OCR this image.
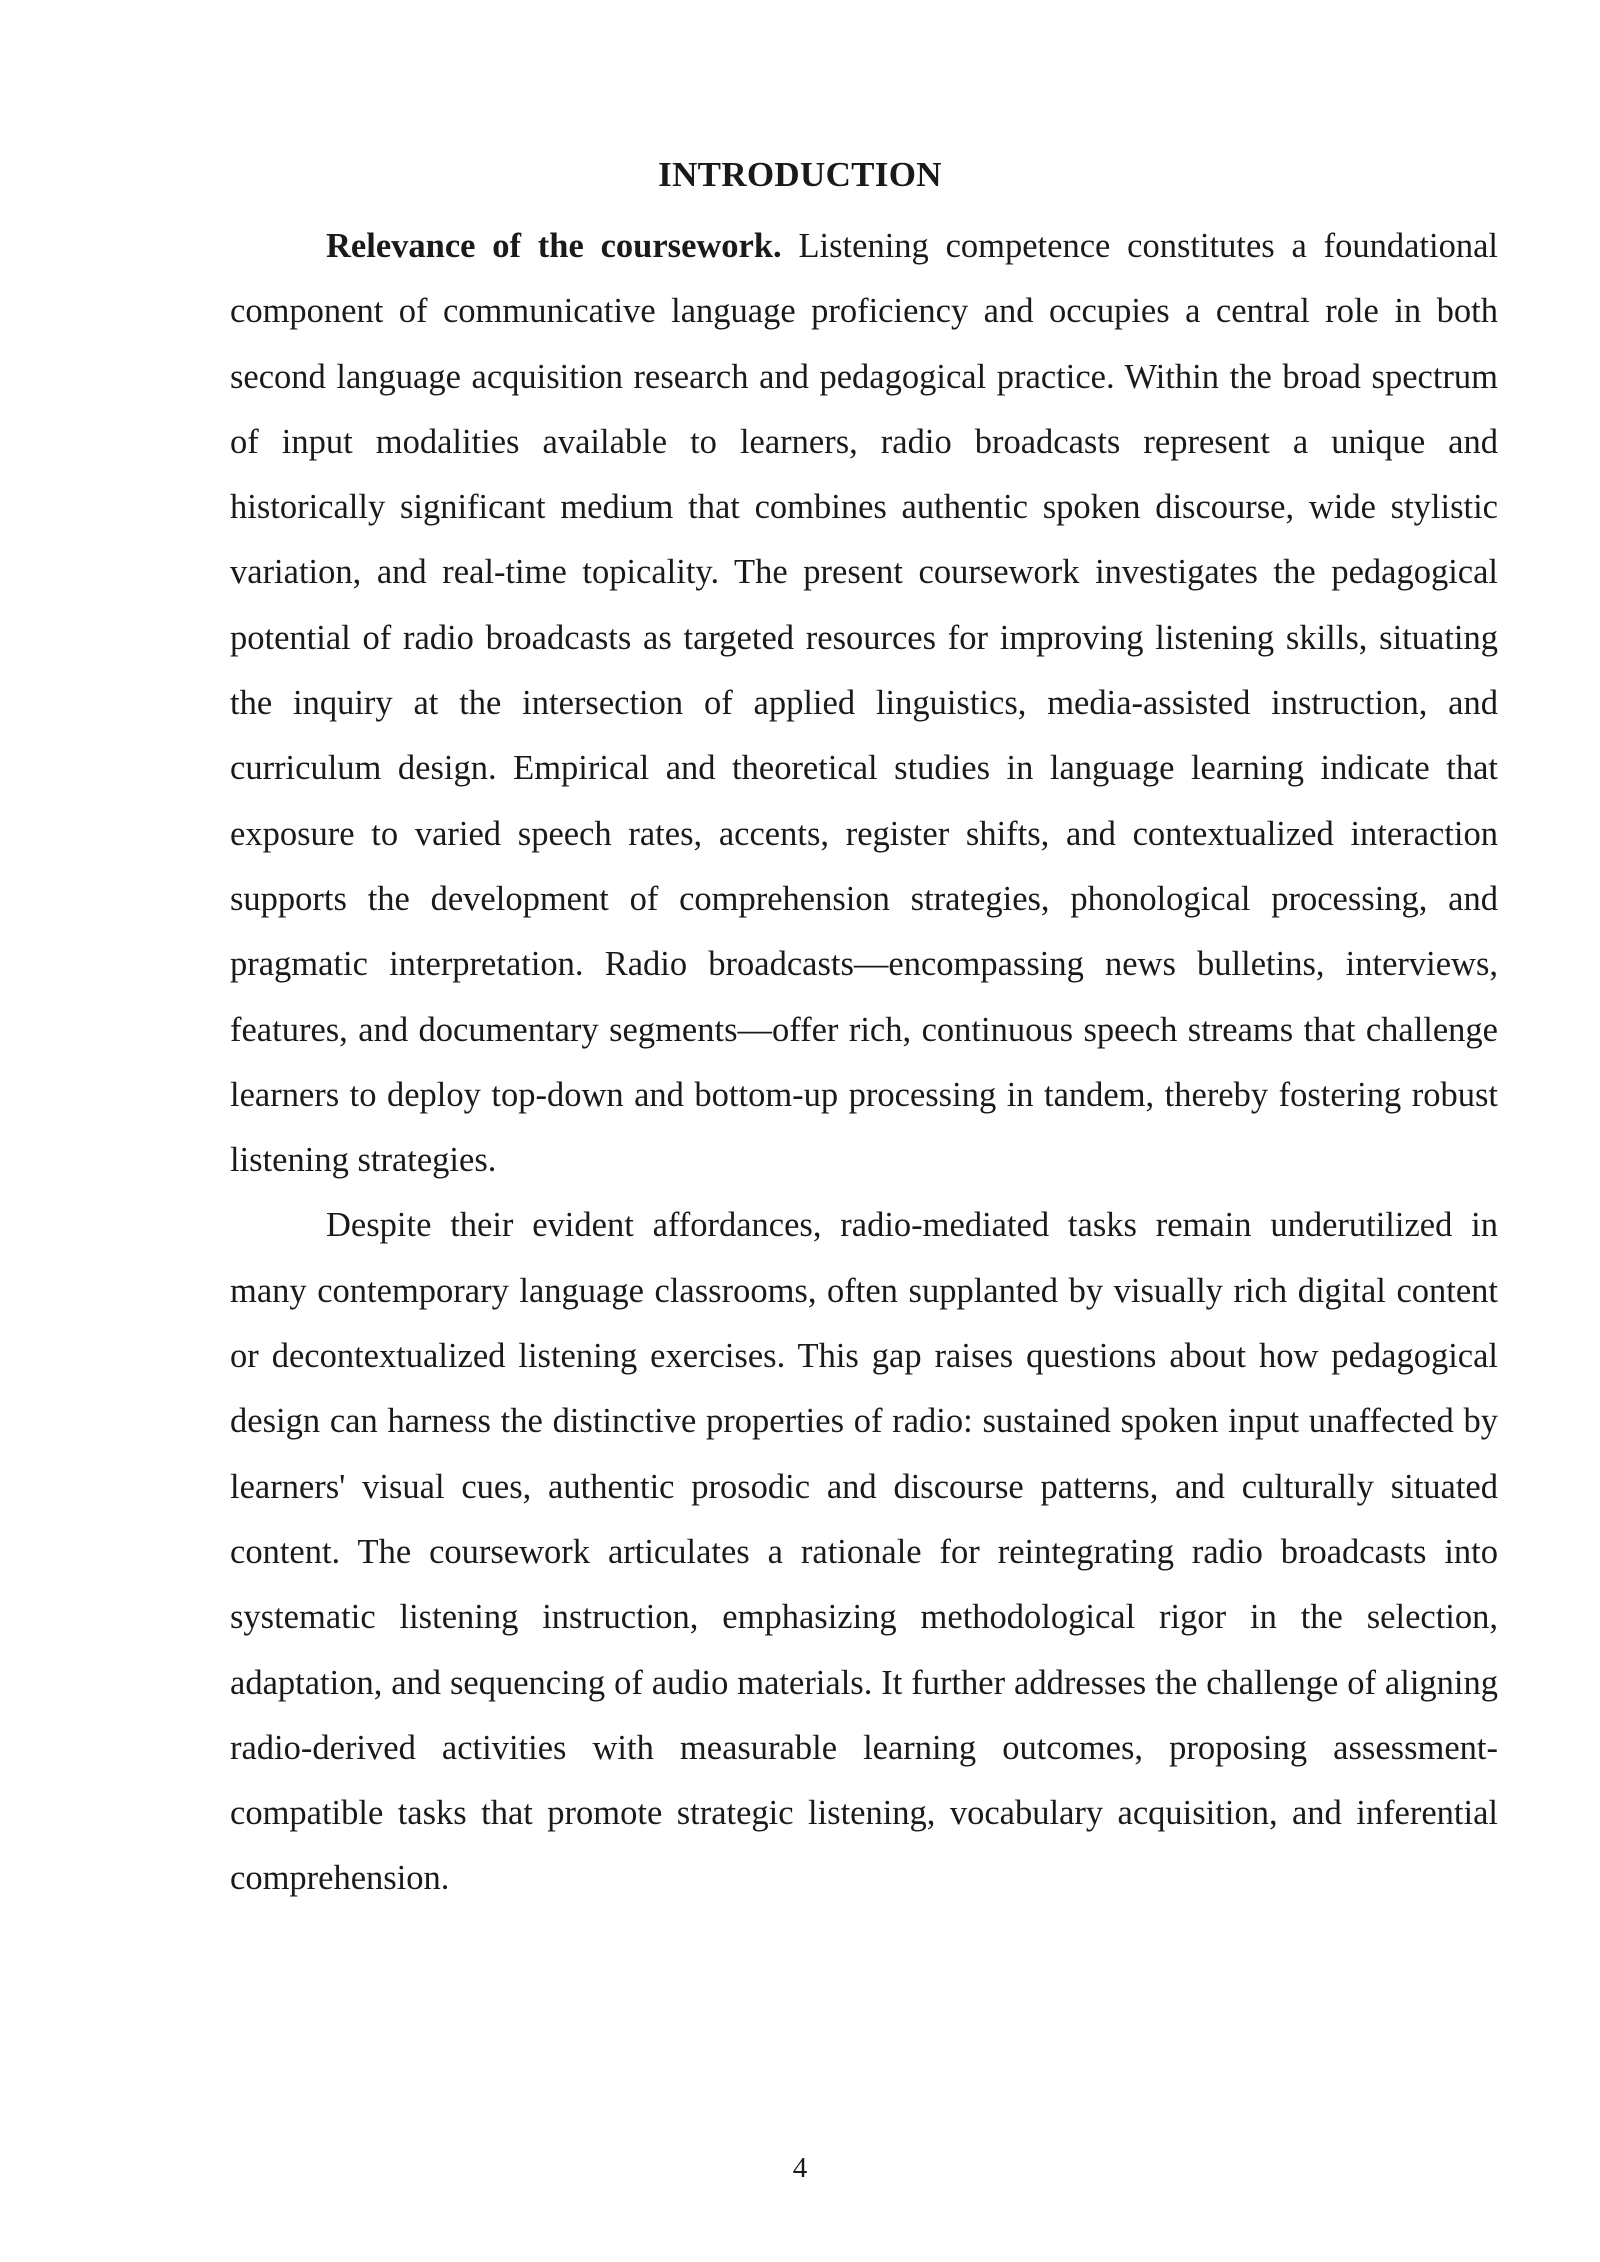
INTRODUCTION

Relevance of the coursework. Listening competence constitutes a foundational component of communicative language proficiency and occupies a central role in both second language acquisition research and pedagogical practice. Within the broad spectrum of input modalities available to learners, radio broadcasts represent a unique and historically significant medium that combines authentic spoken discourse, wide stylistic variation, and real-time topicality. The present coursework investigates the pedagogical potential of radio broadcasts as targeted resources for improving listening skills, situating the inquiry at the intersection of applied linguistics, media-assisted instruction, and curriculum design. Empirical and theoretical studies in language learning indicate that exposure to varied speech rates, accents, register shifts, and contextualized interaction supports the development of comprehension strategies, phonological processing, and pragmatic interpretation. Radio broadcasts—encompassing news bulletins, interviews, features, and documentary segments—offer rich, continuous speech streams that challenge learners to deploy top-down and bottom-up processing in tandem, thereby fostering robust listening strategies.

Despite their evident affordances, radio-mediated tasks remain underutilized in many contemporary language classrooms, often supplanted by visually rich digital content or decontextualized listening exercises. This gap raises questions about how pedagogical design can harness the distinctive properties of radio: sustained spoken input unaffected by learners' visual cues, authentic prosodic and discourse patterns, and culturally situated content. The coursework articulates a rationale for reintegrating radio broadcasts into systematic listening instruction, emphasizing methodological rigor in the selection, adaptation, and sequencing of audio materials. It further addresses the challenge of aligning radio-derived activities with measurable learning outcomes, proposing assessment-compatible tasks that promote strategic listening, vocabulary acquisition, and inferential comprehension.

4
